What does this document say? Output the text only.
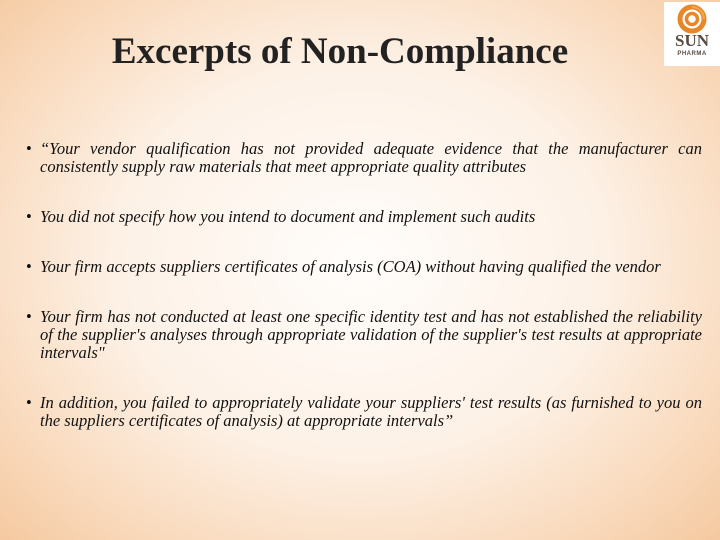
Excerpts of Non-Compliance	SUN
PHARMA
• “Your vendor qualification has not provided adequate evidence that the manufacturer can consistently supply raw materials that meet appropriate quality attributes
• You did not specify how you intend to document and implement such audits
• Your firm accepts suppliers certificates of analysis (COA) without having qualified the vendor
• Your firm has not conducted at least one specific identity test and has not established the reliability of the supplier's analyses through appropriate validation of the supplier's test results at appropriate intervals"
• In addition, you failed to appropriately validate your suppliers' test results (as furnished to you on the suppliers certificates of analysis) at appropriate intervals”
